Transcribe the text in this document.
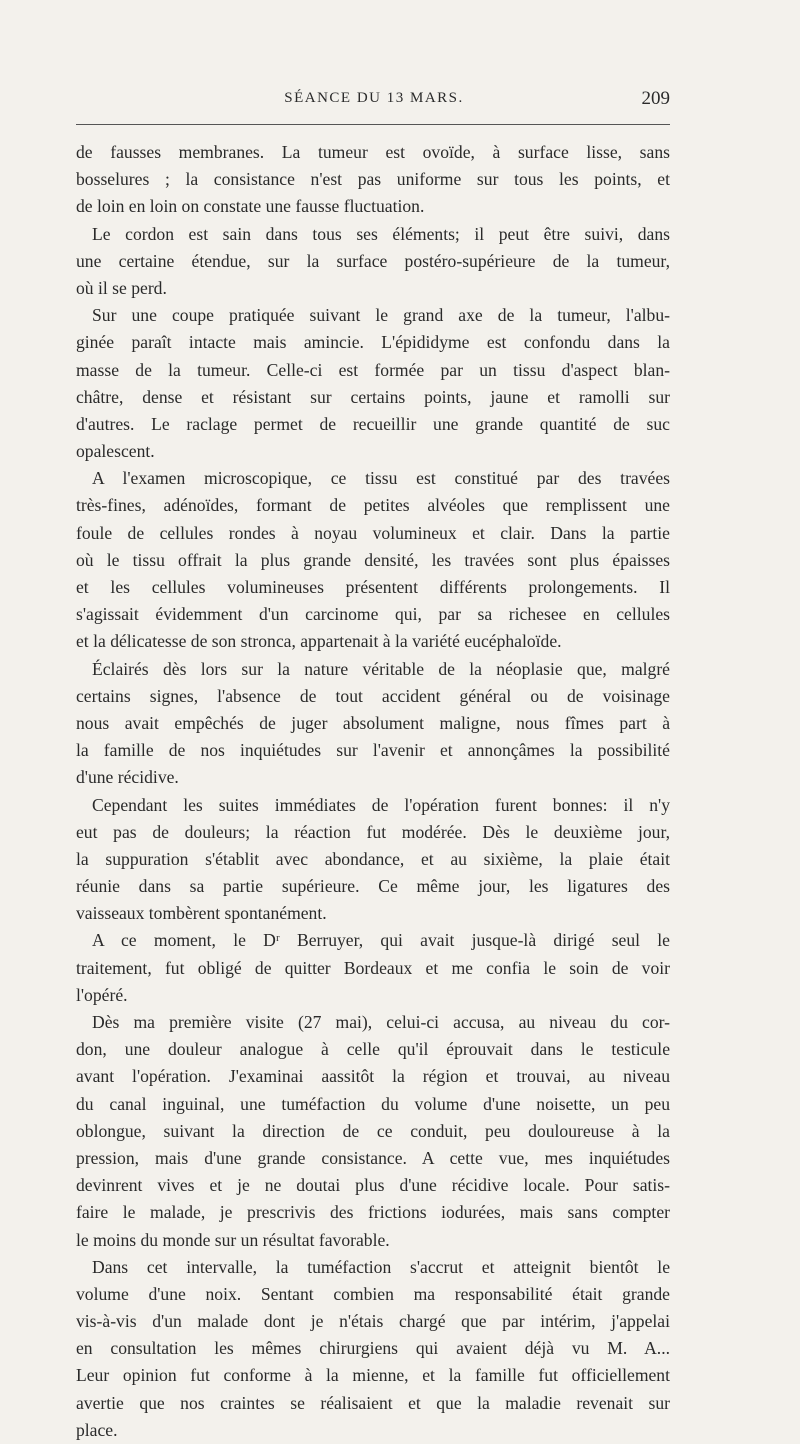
SÉANCE DU 13 MARS.	209
de fausses membranes. La tumeur est ovoïde, à surface lisse, sans
bosselures ; la consistance n'est pas uniforme sur tous les points, et
de loin en loin on constate une fausse fluctuation.
Le cordon est sain dans tous ses éléments; il peut être suivi, dans
une certaine étendue, sur la surface postéro-supérieure de la tumeur,
où il se perd.
Sur une coupe pratiquée suivant le grand axe de la tumeur, l'albu-
ginée paraît intacte mais amincie. L'épididyme est confondu dans la
masse de la tumeur. Celle-ci est formée par un tissu d'aspect blan-
châtre, dense et résistant sur certains points, jaune et ramolli sur
d'autres. Le raclage permet de recueillir une grande quantité de suc
opalescent.
A l'examen microscopique, ce tissu est constitué par des travées
très-fines, adénoïdes, formant de petites alvéoles que remplissent une
foule de cellules rondes à noyau volumineux et clair. Dans la partie
où le tissu offrait la plus grande densité, les travées sont plus épaisses
et les cellules volumineuses présentent différents prolongements. Il
s'agissait évidemment d'un carcinome qui, par sa richesee en cellules
et la délicatesse de son stronca, appartenait à la variété eucéphaloïde.
Éclairés dès lors sur la nature véritable de la néoplasie que, malgré
certains signes, l'absence de tout accident général ou de voisinage
nous avait empêchés de juger absolument maligne, nous fîmes part à
la famille de nos inquiétudes sur l'avenir et annonçâmes la possibilité
d'une récidive.
Cependant les suites immédiates de l'opération furent bonnes: il n'y
eut pas de douleurs; la réaction fut modérée. Dès le deuxième jour,
la suppuration s'établit avec abondance, et au sixième, la plaie était
réunie dans sa partie supérieure. Ce même jour, les ligatures des
vaisseaux tombèrent spontanément.
A ce moment, le Dʳ Berruyer, qui avait jusque-là dirigé seul le
traitement, fut obligé de quitter Bordeaux et me confia le soin de voir
l'opéré.
Dès ma première visite (27 mai), celui-ci accusa, au niveau du cor-
don, une douleur analogue à celle qu'il éprouvait dans le testicule
avant l'opération. J'examinai aassitôt la région et trouvai, au niveau
du canal inguinal, une tuméfaction du volume d'une noisette, un peu
oblongue, suivant la direction de ce conduit, peu douloureuse à la
pression, mais d'une grande consistance. A cette vue, mes inquiétudes
devinrent vives et je ne doutai plus d'une récidive locale. Pour satis-
faire le malade, je prescrivis des frictions iodurées, mais sans compter
le moins du monde sur un résultat favorable.
Dans cet intervalle, la tuméfaction s'accrut et atteignit bientôt le
volume d'une noix. Sentant combien ma responsabilité était grande
vis-à-vis d'un malade dont je n'étais chargé que par intérim, j'appelai
en consultation les mêmes chirurgiens qui avaient déjà vu M. A...
Leur opinion fut conforme à la mienne, et la famille fut officiellement
avertie que nos craintes se réalisaient et que la maladie revenait sur
place.
